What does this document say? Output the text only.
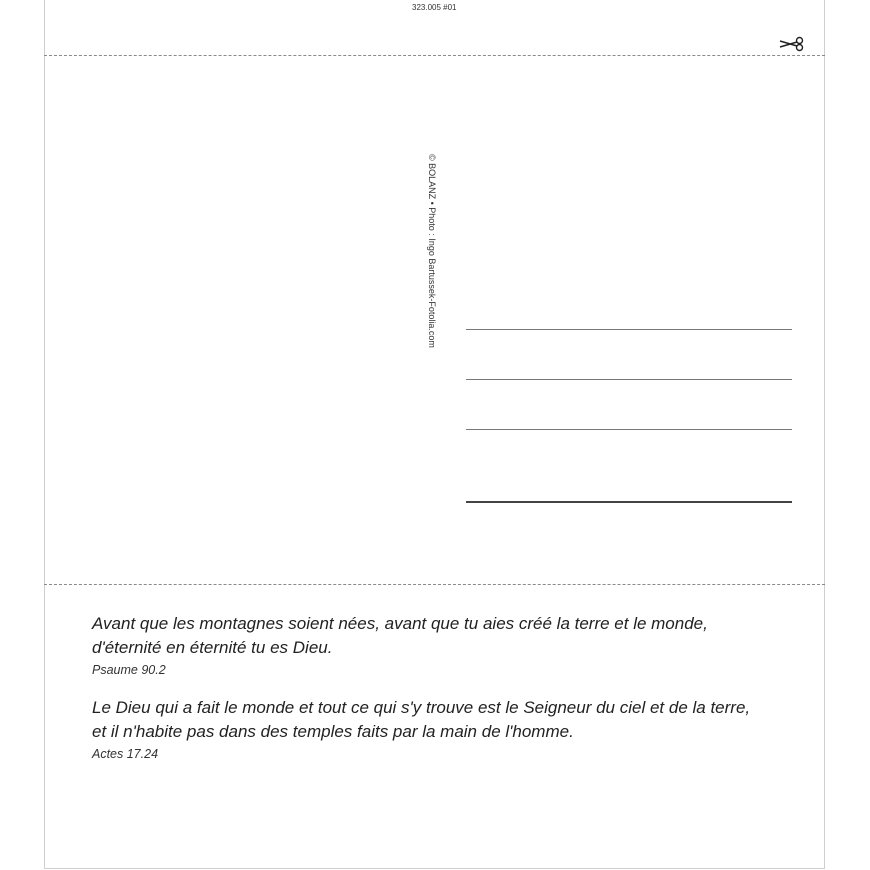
323.005 #01
© BOLANZ • Photo : Ingo Bartussek-Fotolia.com

Avant que les montagnes soient nées, avant que tu aies créé la terre et le monde,
d'éternité en éternité tu es Dieu.

Psaume 90.2

Le Dieu qui a fait le monde et tout ce qui s'y trouve est le Seigneur du ciel et de la terre,
et il n'habite pas dans des temples faits par la main de l'homme.

Actes 17.24
